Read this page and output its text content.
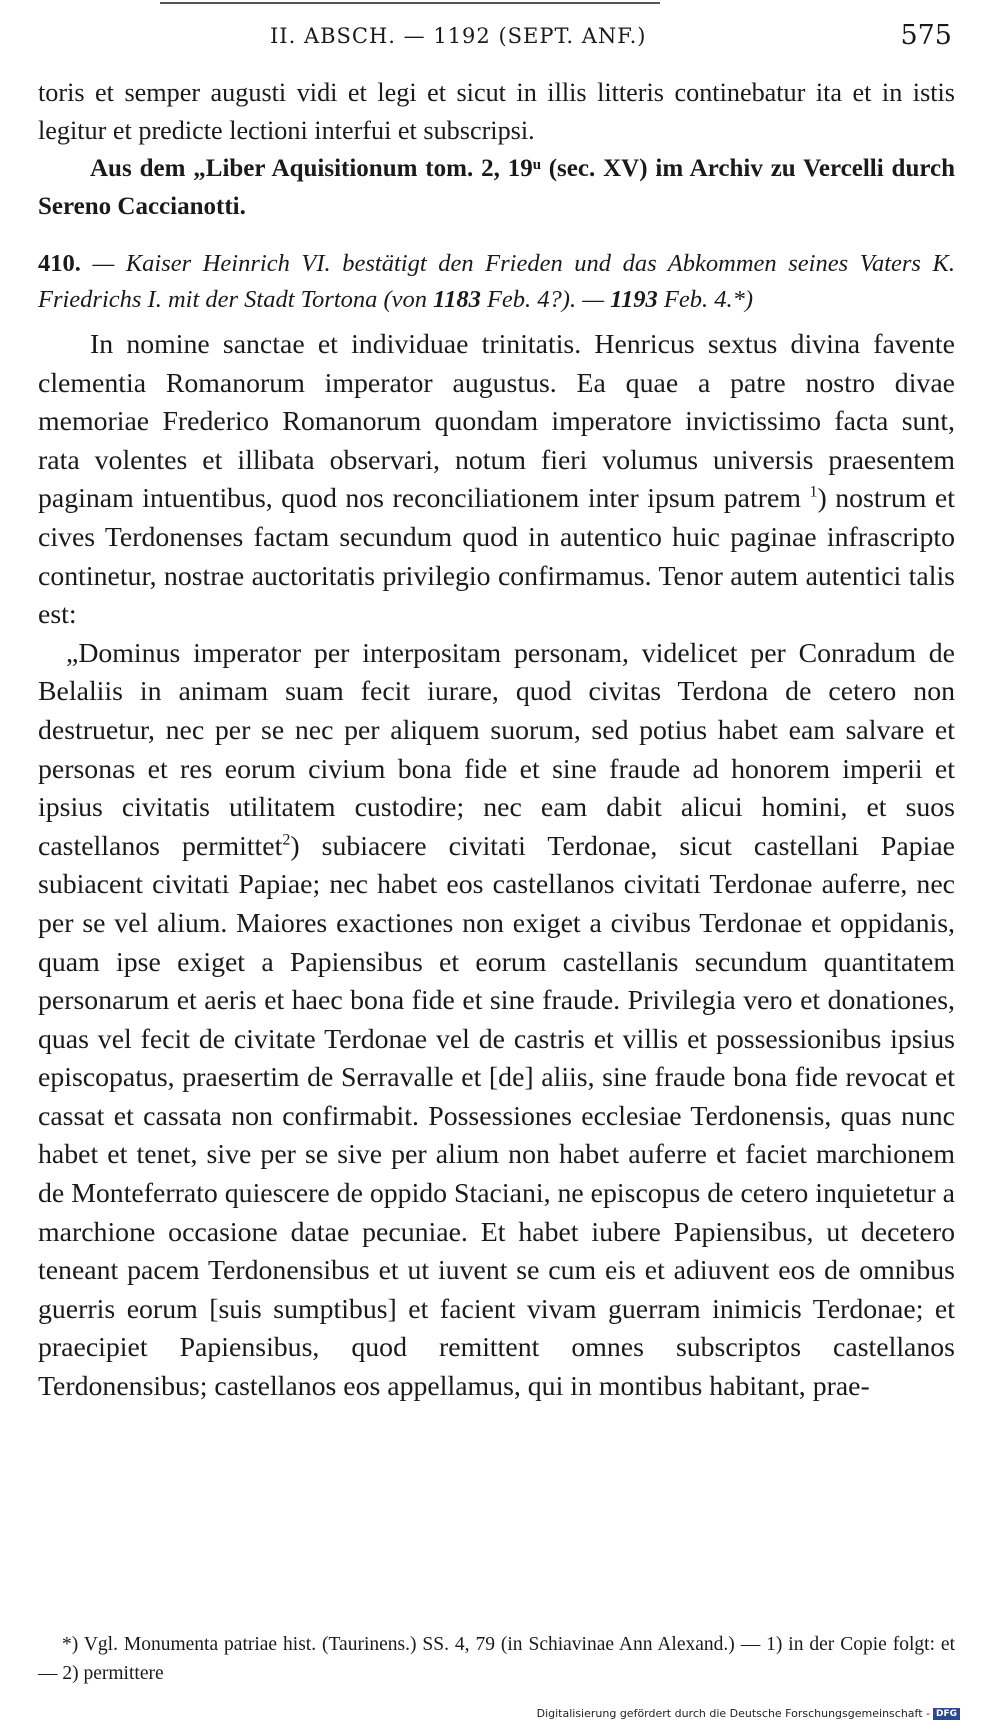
II. ABSCH. — 1192 (SEPT. ANF.)	575

toris et semper augusti vidi et legi et sicut in illis litteris continebatur ita et in istis legitur et predicte lectioni interfui et subscripsi.

Aus dem „Liber Aquisitionum tom. 2, 19ᵘ (sec. XV) im Archiv zu Vercelli durch Sereno Caccianotti.

410. — Kaiser Heinrich VI. bestätigt den Frieden und das Abkommen seines Vaters K. Friedrichs I. mit der Stadt Tortona (von 1183 Feb. 4?). — 1193 Feb. 4.*)

In nomine sanctae et individuae trinitatis. Henricus sextus divina favente clementia Romanorum imperator augustus. Ea quae a patre nostro divae memoriae Frederico Romanorum quondam imperatore invictissimo facta sunt, rata volentes et illibata observari, notum fieri volumus universis praesentem paginam intuentibus, quod nos reconciliationem inter ipsum patrem $^1$) nostrum et cives Terdonenses factam secundum quod in autentico huic paginae infrascripto continetur, nostrae auctoritatis privilegio confirmamus. Tenor autem autentici talis est:

„Dominus imperator per interpositam personam, videlicet per Conradum de Belaliis in animam suam fecit iurare, quod civitas Terdona de cetero non destruetur, nec per se nec per aliquem suorum, sed potius habet eam salvare et personas et res eorum civium bona fide et sine fraude ad honorem imperii et ipsius civitatis utilitatem custodire; nec eam dabit alicui homini, et suos castellanos permittet$^2$) subiacere civitati Terdonae, sicut castellani Papiae subiacent civitati Papiae; nec habet eos castellanos civitati Terdonae auferre, nec per se vel alium. Maiores exactiones non exiget a civibus Terdonae et oppidanis, quam ipse exiget a Papiensibus et eorum castellanis secundum quantitatem personarum et aeris et haec bona fide et sine fraude. Privilegia vero et donationes, quas vel fecit de civitate Terdonae vel de castris et villis et possessionibus ipsius episcopatus, praesertim de Serravalle et [de] aliis, sine fraude bona fide revocat et cassat et cassata non confirmabit. Possessiones ecclesiae Terdonensis, quas nunc habet et tenet, sive per se sive per alium non habet auferre et faciet marchionem de Monteferrato quiescere de oppido Staciani, ne episcopus de cetero inquietetur a marchione occasione datae pecuniae. Et habet iubere Papiensibus, ut decetero teneant pacem Terdonensibus et ut iuvent se cum eis et adiuvent eos de omnibus guerris eorum [suis sumptibus] et facient vivam guerram inimicis Terdonae; et praecipiet Papiensibus, quod remittent omnes subscriptos castellanos Terdonensibus; castellanos eos appellamus, qui in montibus habitant, prae-

*) Vgl. Monumenta patriae hist. (Taurinens.) SS. 4, 79 (in Schiavinae Ann Alexand.) — 1) in der Copie folgt: et — 2) permittere
Digitalisierung gefördert durch die Deutsche Forschungsgemeinschaft - DFG
